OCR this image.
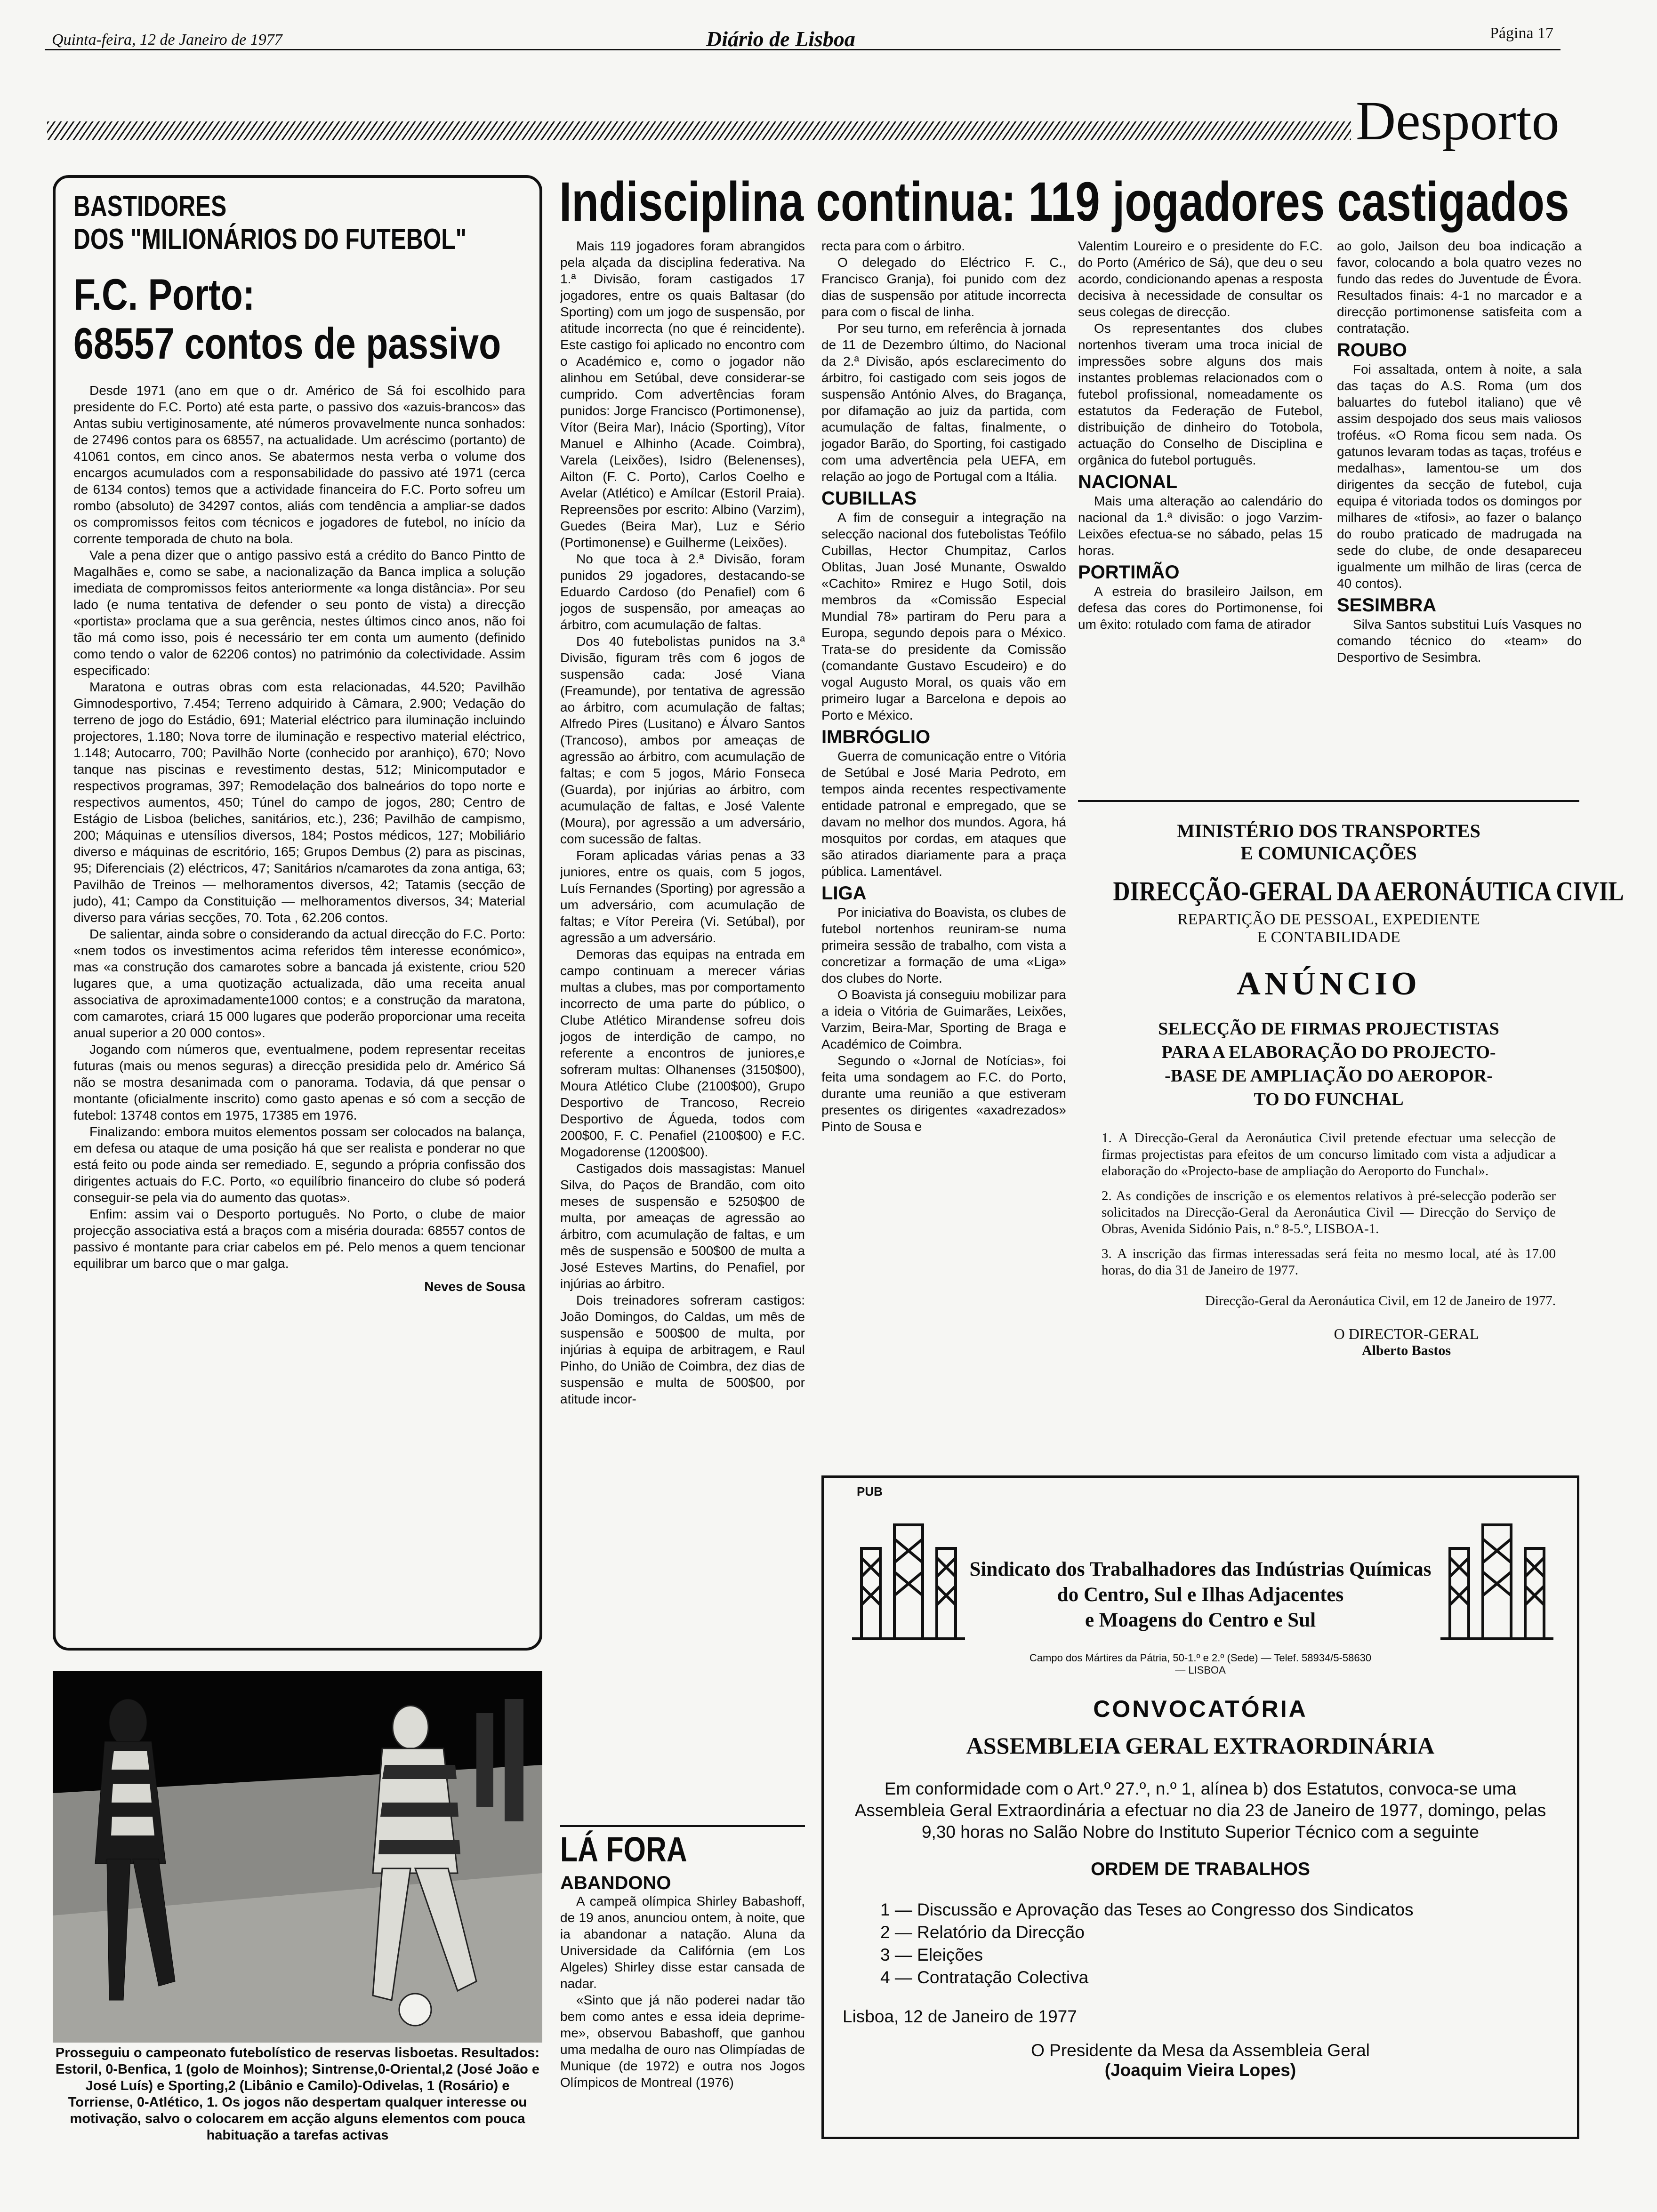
Quinta-feira, 12 de Janeiro de 1977	Diário de Lisboa	Página 17
Desporto
Indisciplina continua: 119 jogadores castigados
BASTIDORES
DOS "MILIONÁRIOS DO FUTEBOL"
F.C. Porto:
68557 contos de passivo

Desde 1971 (ano em que o dr. Américo de Sá foi escolhido para presidente do F.C. Porto) até esta parte, o passivo dos «azuis-brancos» das Antas subiu vertiginosamente, até números provavelmente nunca sonhados: de 27496 contos para os 68557, na actualidade. Um acréscimo (portanto) de 41061 contos, em cinco anos. Se abatermos nesta verba o volume dos encargos acumulados com a responsabilidade do passivo até 1971 (cerca de 6134 contos) temos que a actividade financeira do F.C. Porto sofreu um rombo (absoluto) de 34297 contos, aliás com tendência a ampliar-se dados os compromissos feitos com técnicos e jogadores de futebol, no início da corrente temporada de chuto na bola.

Vale a pena dizer que o antigo passivo está a crédito do Banco Pintto de Magalhães e, como se sabe, a nacionalização da Banca implica a solução imediata de compromissos feitos anteriormente «a longa distância». Por seu lado (e numa tentativa de defender o seu ponto de vista) a direcção «portista» proclama que a sua gerência, nestes últimos cinco anos, não foi tão má como isso, pois é necessário ter em conta um aumento (definido como tendo o valor de 62206 contos) no património da colectividade. Assim especificado:

Maratona e outras obras com esta relacionadas, 44.520; Pavilhão Gimnodesportivo, 7.454; Terreno adquirido à Câmara, 2.900; Vedação do terreno de jogo do Estádio, 691; Material eléctrico para iluminação incluindo projectores, 1.180; Nova torre de iluminação e respectivo material eléctrico, 1.148; Autocarro, 700; Pavilhão Norte (conhecido por aranhiço), 670; Novo tanque nas piscinas e revestimento destas, 512; Minicomputador e respectivos programas, 397; Remodelação dos balneários do topo norte e respectivos aumentos, 450; Túnel do campo de jogos, 280; Centro de Estágio de Lisboa (beliches, sanitários, etc.), 236; Pavilhão de campismo, 200; Máquinas e utensílios diversos, 184; Postos médicos, 127; Mobiliário diverso e máquinas de escritório, 165; Grupos Dembus (2) para as piscinas, 95; Diferenciais (2) eléctricos, 47; Sanitários n/camarotes da zona antiga, 63; Pavilhão de Treinos — melhoramentos diversos, 42; Tatamis (secção de judo), 41; Campo da Constituição — melhoramentos diversos, 34; Material diverso para várias secções, 70. Tota , 62.206 contos.

De salientar, ainda sobre o considerando da actual direcção do F.C. Porto: «nem todos os investimentos acima referidos têm interesse económico», mas «a construção dos camarotes sobre a bancada já existente, criou 520 lugares que, a uma quotização actualizada, dão uma receita anual associativa de aproximadamente1000 contos; e a construção da maratona, com camarotes, criará 15 000 lugares que poderão proporcionar uma receita anual superior a 20 000 contos».

Jogando com números que, eventualmene, podem representar receitas futuras (mais ou menos seguras) a direcção presidida pelo dr. Américo Sá não se mostra desanimada com o panorama. Todavia, dá que pensar o montante (oficialmente inscrito) como gasto apenas e só com a secção de futebol: 13748 contos em 1975, 17385 em 1976.

Finalizando: embora muitos elementos possam ser colocados na balança, em defesa ou ataque de uma posição há que ser realista e ponderar no que está feito ou pode ainda ser remediado. E, segundo a própria confissão dos dirigentes actuais do F.C. Porto, «o equilíbrio financeiro do clube só poderá conseguir-se pela via do aumento das quotas».

Enfim: assim vai o Desporto português. No Porto, o clube de maior projecção associativa está a braços com a miséria dourada: 68557 contos de passivo é montante para criar cabelos em pé. Pelo menos a quem tencionar equilibrar um barco que o mar galga.

Neves de Sousa
Prosseguiu o campeonato futebolístico de reservas lisboetas. Resultados: Estoril, 0-Benfica, 1 (golo de Moinhos); Sintrense,0-Oriental,2 (José João e José Luís) e Sporting,2 (Libânio e Camilo)-Odivelas, 1 (Rosário) e Torriense, 0-Atlético, 1. Os jogos não despertam qualquer interesse ou motivação, salvo o colocarem em acção alguns elementos com pouca habituação a tarefas activas

Mais 119 jogadores foram abrangidos pela alçada da disciplina federativa. Na 1.ª Divisão, foram castigados 17 jogadores, entre os quais Baltasar (do Sporting) com um jogo de suspensão, por atitude incorrecta (no que é reincidente). Este castigo foi aplicado no encontro com o Académico e, como o jogador não alinhou em Setúbal, deve considerar-se cumprido. Com advertências foram punidos: Jorge Francisco (Portimonense), Vítor (Beira Mar), Inácio (Sporting), Vítor Manuel e Alhinho (Acade. Coimbra), Varela (Leixões), Isidro (Belenenses), Ailton (F. C. Porto), Carlos Coelho e Avelar (Atlético) e Amílcar (Estoril Praia). Repreensões por escrito: Albino (Varzim), Guedes (Beira Mar), Luz e Sério (Portimonense) e Guilherme (Leixões).

No que toca à 2.ª Divisão, foram punidos 29 jogadores, destacando-se Eduardo Cardoso (do Penafiel) com 6 jogos de suspensão, por ameaças ao árbitro, com acumulação de faltas.

Dos 40 futebolistas punidos na 3.ª Divisão, figuram três com 6 jogos de suspensão cada: José Viana (Freamunde), por tentativa de agressão ao árbitro, com acumulação de faltas; Alfredo Pires (Lusitano) e Álvaro Santos (Trancoso), ambos por ameaças de agressão ao árbitro, com acumulação de faltas; e com 5 jogos, Mário Fonseca (Guarda), por injúrias ao árbitro, com acumulação de faltas, e José Valente (Moura), por agressão a um adversário, com sucessão de faltas.

Foram aplicadas várias penas a 33 juniores, entre os quais, com 5 jogos, Luís Fernandes (Sporting) por agressão a um adversário, com acumulação de faltas; e Vítor Pereira (Vi. Setúbal), por agressão a um adversário.

Demoras das equipas na entrada em campo continuam a merecer várias multas a clubes, mas por comportamento incorrecto de uma parte do público, o Clube Atlético Mirandense sofreu dois jogos de interdição de campo, no referente a encontros de juniores,e sofreram multas: Olhanenses (3150$00), Moura Atlético Clube (2100$00), Grupo Desportivo de Trancoso, Recreio Desportivo de Águeda, todos com 200$00, F. C. Penafiel (2100$00) e F.C. Mogadorense (1200$00).

Castigados dois massagistas: Manuel Silva, do Paços de Brandão, com oito meses de suspensão e 5250$00 de multa, por ameaças de agressão ao árbitro, com acumulação de faltas, e um mês de suspensão e 500$00 de multa a José Esteves Martins, do Penafiel, por injúrias ao árbitro.

Dois treinadores sofreram castigos: João Domingos, do Caldas, um mês de suspensão e 500$00 de multa, por injúrias à equipa de arbitragem, e Raul Pinho, do União de Coimbra, dez dias de suspensão e multa de 500$00, por atitude incor-

LÁ FORA
ABANDONO

A campeã olímpica Shirley Babashoff, de 19 anos, anunciou ontem, à noite, que ia abandonar a natação. Aluna da Universidade da Califórnia (em Los Algeles) Shirley disse estar cansada de nadar.

«Sinto que já não poderei nadar tão bem como antes e essa ideia deprime-me», observou Babashoff, que ganhou uma medalha de ouro nas Olimpíadas de Munique (de 1972) e outra nos Jogos Olímpicos de Montreal (1976)

recta para com o árbitro.

O delegado do Eléctrico F. C., Francisco Granja), foi punido com dez dias de suspensão por atitude incorrecta para com o fiscal de linha.

Por seu turno, em referência à jornada de 11 de Dezembro último, do Nacional da 2.ª Divisão, após esclarecimento do árbitro, foi castigado com seis jogos de suspensão António Alves, do Bragança, por difamação ao juiz da partida, com acumulação de faltas, finalmente, o jogador Barão, do Sporting, foi castigado com uma advertência pela UEFA, em relação ao jogo de Portugal com a Itália.

CUBILLAS

A fim de conseguir a integração na selecção nacional dos futebolistas Teófilo Cubillas, Hector Chumpitaz, Carlos Oblitas, Juan José Munante, Oswaldo «Cachito» Rmirez e Hugo Sotil, dois membros da «Comissão Especial Mundial 78» partiram do Peru para a Europa, segundo depois para o México. Trata-se do presidente da Comissão (comandante Gustavo Escudeiro) e do vogal Augusto Moral, os quais vão em primeiro lugar a Barcelona e depois ao Porto e México.

IMBRÓGLIO

Guerra de comunicação entre o Vitória de Setúbal e José Maria Pedroto, em tempos ainda recentes respectivamente entidade patronal e empregado, que se davam no melhor dos mundos. Agora, há mosquitos por cordas, em ataques que são atirados diariamente para a praça pública. Lamentável.

LIGA

Por iniciativa do Boavista, os clubes de futebol nortenhos reuniram-se numa primeira sessão de trabalho, com vista a concretizar a formação de uma «Liga» dos clubes do Norte.

O Boavista já conseguiu mobilizar para a ideia o Vitória de Guimarães, Leixões, Varzim, Beira-Mar, Sporting de Braga e Académico de Coimbra.

Segundo o «Jornal de Notícias», foi feita uma sondagem ao F.C. do Porto, durante uma reunião a que estiveram presentes os dirigentes «axadrezados» Pinto de Sousa e

Valentim Loureiro e o presidente do F.C. do Porto (Américo de Sá), que deu o seu acordo, condicionando apenas a resposta decisiva à necessidade de consultar os seus colegas de direcção.

Os representantes dos clubes nortenhos tiveram uma troca inicial de impressões sobre alguns dos mais instantes problemas relacionados com o futebol profissional, nomeadamente os estatutos da Federação de Futebol, distribuição de dinheiro do Totobola, actuação do Conselho de Disciplina e orgânica do futebol português.

NACIONAL

Mais uma alteração ao calendário do nacional da 1.ª divisão: o jogo Varzim-Leixões efectua-se no sábado, pelas 15 horas.

PORTIMÃO

A estreia do brasileiro Jailson, em defesa das cores do Portimonense, foi um êxito: rotulado com fama de atirador

ao golo, Jailson deu boa indicação a favor, colocando a bola quatro vezes no fundo das redes do Juventude de Évora. Resultados finais: 4-1 no marcador e a direcção portimonense satisfeita com a contratação.

ROUBO

Foi assaltada, ontem à noite, a sala das taças do A.S. Roma (um dos baluartes do futebol italiano) que vê assim despojado dos seus mais valiosos troféus. «O Roma ficou sem nada. Os gatunos levaram todas as taças, troféus e medalhas», lamentou-se um dos dirigentes da secção de futebol, cuja equipa é vitoriada todos os domingos por milhares de «tifosi», ao fazer o balanço do roubo praticado de madrugada na sede do clube, de onde desapareceu igualmente um milhão de liras (cerca de 40 contos).

SESIMBRA

Silva Santos substitui Luís Vasques no comando técnico do «team» do Desportivo de Sesimbra.

MINISTÉRIO DOS TRANSPORTES
E COMUNICAÇÕES
DIRECÇÃO-GERAL DA AERONÁUTICA CIVIL
REPARTIÇÃO DE PESSOAL, EXPEDIENTE
E CONTABILIDADE
ANÚNCIO
SELECÇÃO DE FIRMAS PROJECTISTAS
PARA A ELABORAÇÃO DO PROJECTO-
-BASE DE AMPLIAÇÃO DO AEROPOR-
TO DO FUNCHAL

1. A Direcção-Geral da Aeronáutica Civil pretende efectuar uma selecção de firmas projectistas para efeitos de um concurso limitado com vista a adjudicar a elaboração do «Projecto-base de ampliação do Aeroporto do Funchal».

2. As condições de inscrição e os elementos relativos à pré-selecção poderão ser solicitados na Direcção-Geral da Aeronáutica Civil — Direcção do Serviço de Obras, Avenida Sidónio Pais, n.º 8-5.º, LISBOA-1.

3. A inscrição das firmas interessadas será feita no mesmo local, até às 17.00 horas, do dia 31 de Janeiro de 1977.

Direcção-Geral da Aeronáutica Civil, em 12 de Janeiro de 1977.

O DIRECTOR-GERAL
Alberto Bastos
PUB
Sindicato dos Trabalhadores das Indústrias Químicas
do Centro, Sul e Ilhas Adjacentes
e Moagens do Centro e Sul
Campo dos Mártires da Pátria, 50-1.º e 2.º (Sede) — Telef. 58934/5-58630
— LISBOA
CONVOCATÓRIA
ASSEMBLEIA GERAL EXTRAORDINÁRIA
Em conformidade com o Art.º 27.º, n.º 1, alínea b) dos Estatutos, convoca-se uma Assembleia Geral Extraordinária a efectuar no dia 23 de Janeiro de 1977, domingo, pelas 9,30 horas no Salão Nobre do Instituto Superior Técnico com a seguinte
ORDEM DE TRABALHOS
1 — Discussão e Aprovação das Teses ao Congresso dos Sindicatos
2 — Relatório da Direcção
3 — Eleições
4 — Contratação Colectiva
Lisboa, 12 de Janeiro de 1977
O Presidente da Mesa da Assembleia Geral
(Joaquim Vieira Lopes)
